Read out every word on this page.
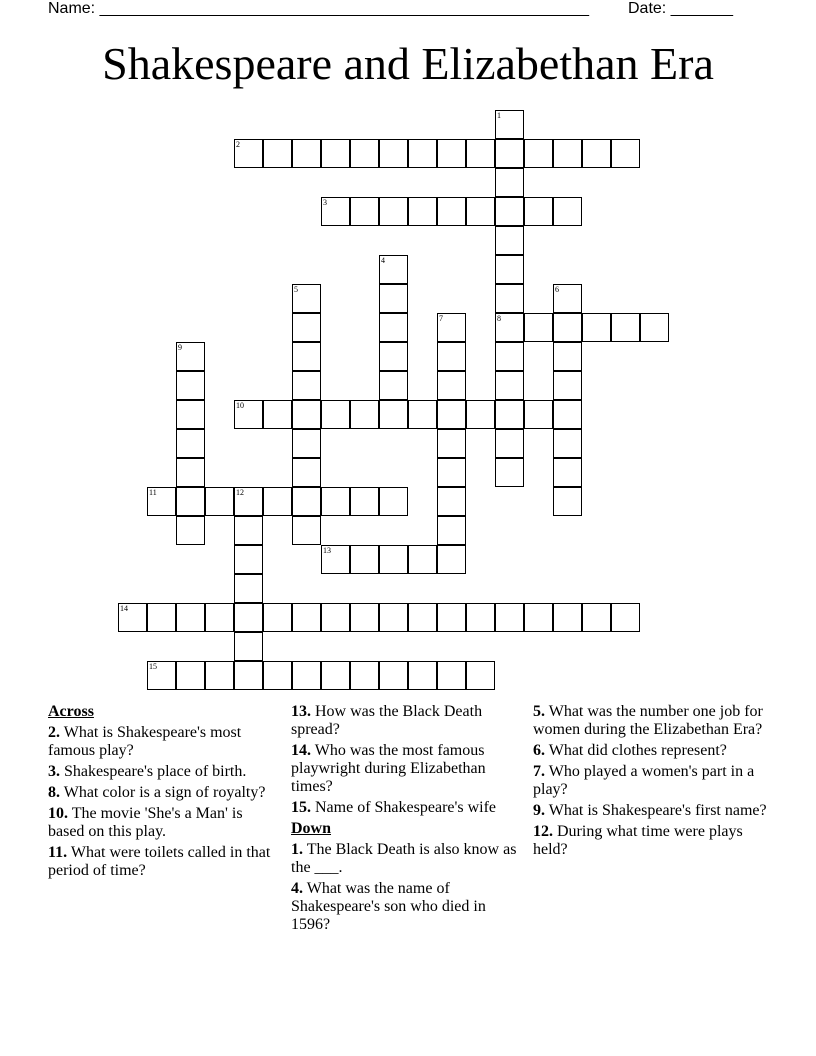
Name: _______________________________________________________ Date: _______
Shakespeare and Elizabethan Era
2
3
8
10
11	12
13
14
15
1
4
5	6
7
9
Across
2. What is Shakespeare's most famous play?
3. Shakespeare's place of birth.
8. What color is a sign of royalty?
10. The movie 'She's a Man' is based on this play.
11. What were toilets called in that period of time?
13. How was the Black Death spread?
14. Who was the most famous playwright during Elizabethan times?
15. Name of Shakespeare's wife
Down
1. The Black Death is also know as the ___.
4. What was the name of Shakespeare's son who died in 1596?
5. What was the number one job for women during the Elizabethan Era?
6. What did clothes represent?
7. Who played a women's part in a play?
9. What is Shakespeare's first name?
12. During what time were plays held?
